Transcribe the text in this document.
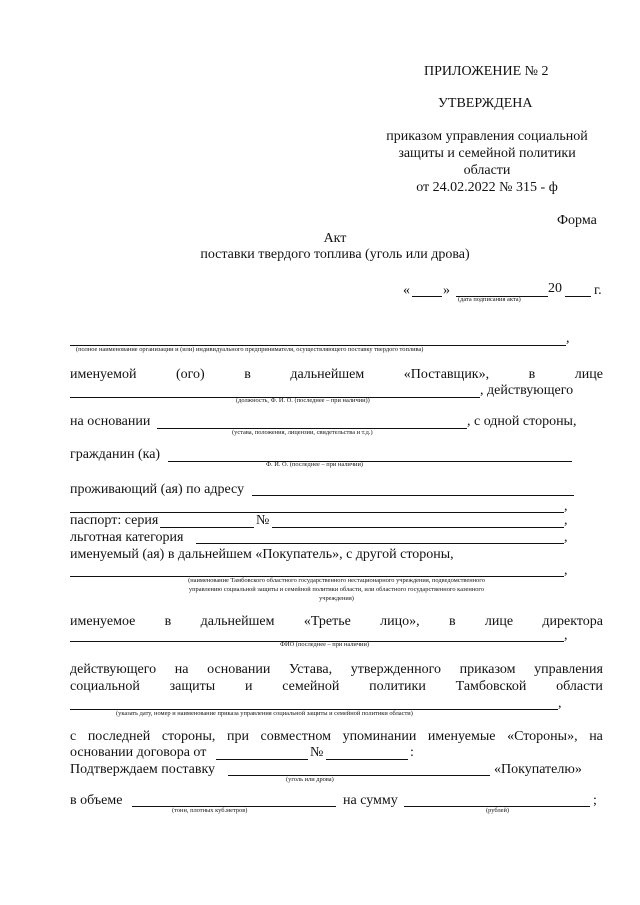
ПРИЛОЖЕНИЕ № 2
УТВЕРЖДЕНА
приказом управления социальной
защиты и семейной политики
области
от 24.02.2022 № 315 - ф
Форма
Акт
поставки твердого топлива (уголь или дрова)
« »	20 г.
(дата подписания акта)
,
(полное наименование организации и (или) индивидуального предпринимателя, осуществляющего поставку твердого топлива)
именуемой	(ого)	в	дальнейшем	«Поставщик»,	в	лице
, действующего
(должность, Ф. И. О. (последнее – при наличии))
на основании	, с одной стороны,
(устава, положения, лицензии, свидетельства и т.д.)
гражданин (ка)
Ф. И. О. (последнее – при наличии)
проживающий (ая) по адресу
,
паспорт: серия	№	,
льготная категория	,
именуемый (ая) в дальнейшем «Покупатель», с другой стороны,
,
(наименование Тамбовского областного государственного нестационарного учреждения, подведомственного
управлению социальной защиты и семейной политики области, или областного государственного казенного
учреждения)
именуемое в дальнейшем «Третье лицо», в лице директора
,
ФИО (последнее – при наличии)
действующего на основании Устава, утвержденного приказом управления
социальной защиты и семейной политики Тамбовской области
,
(указать дату, номер и наименование приказа управления социальной защиты и семейной политики области)
с последней стороны, при совместном упоминании именуемые «Стороны», на
основании договора от	№	:
Подтверждаем поставку	«Покупателю»
(уголь или дрова)
в объеме	на сумму	;
(тонн, плотных куб.метров)	(рублей)
